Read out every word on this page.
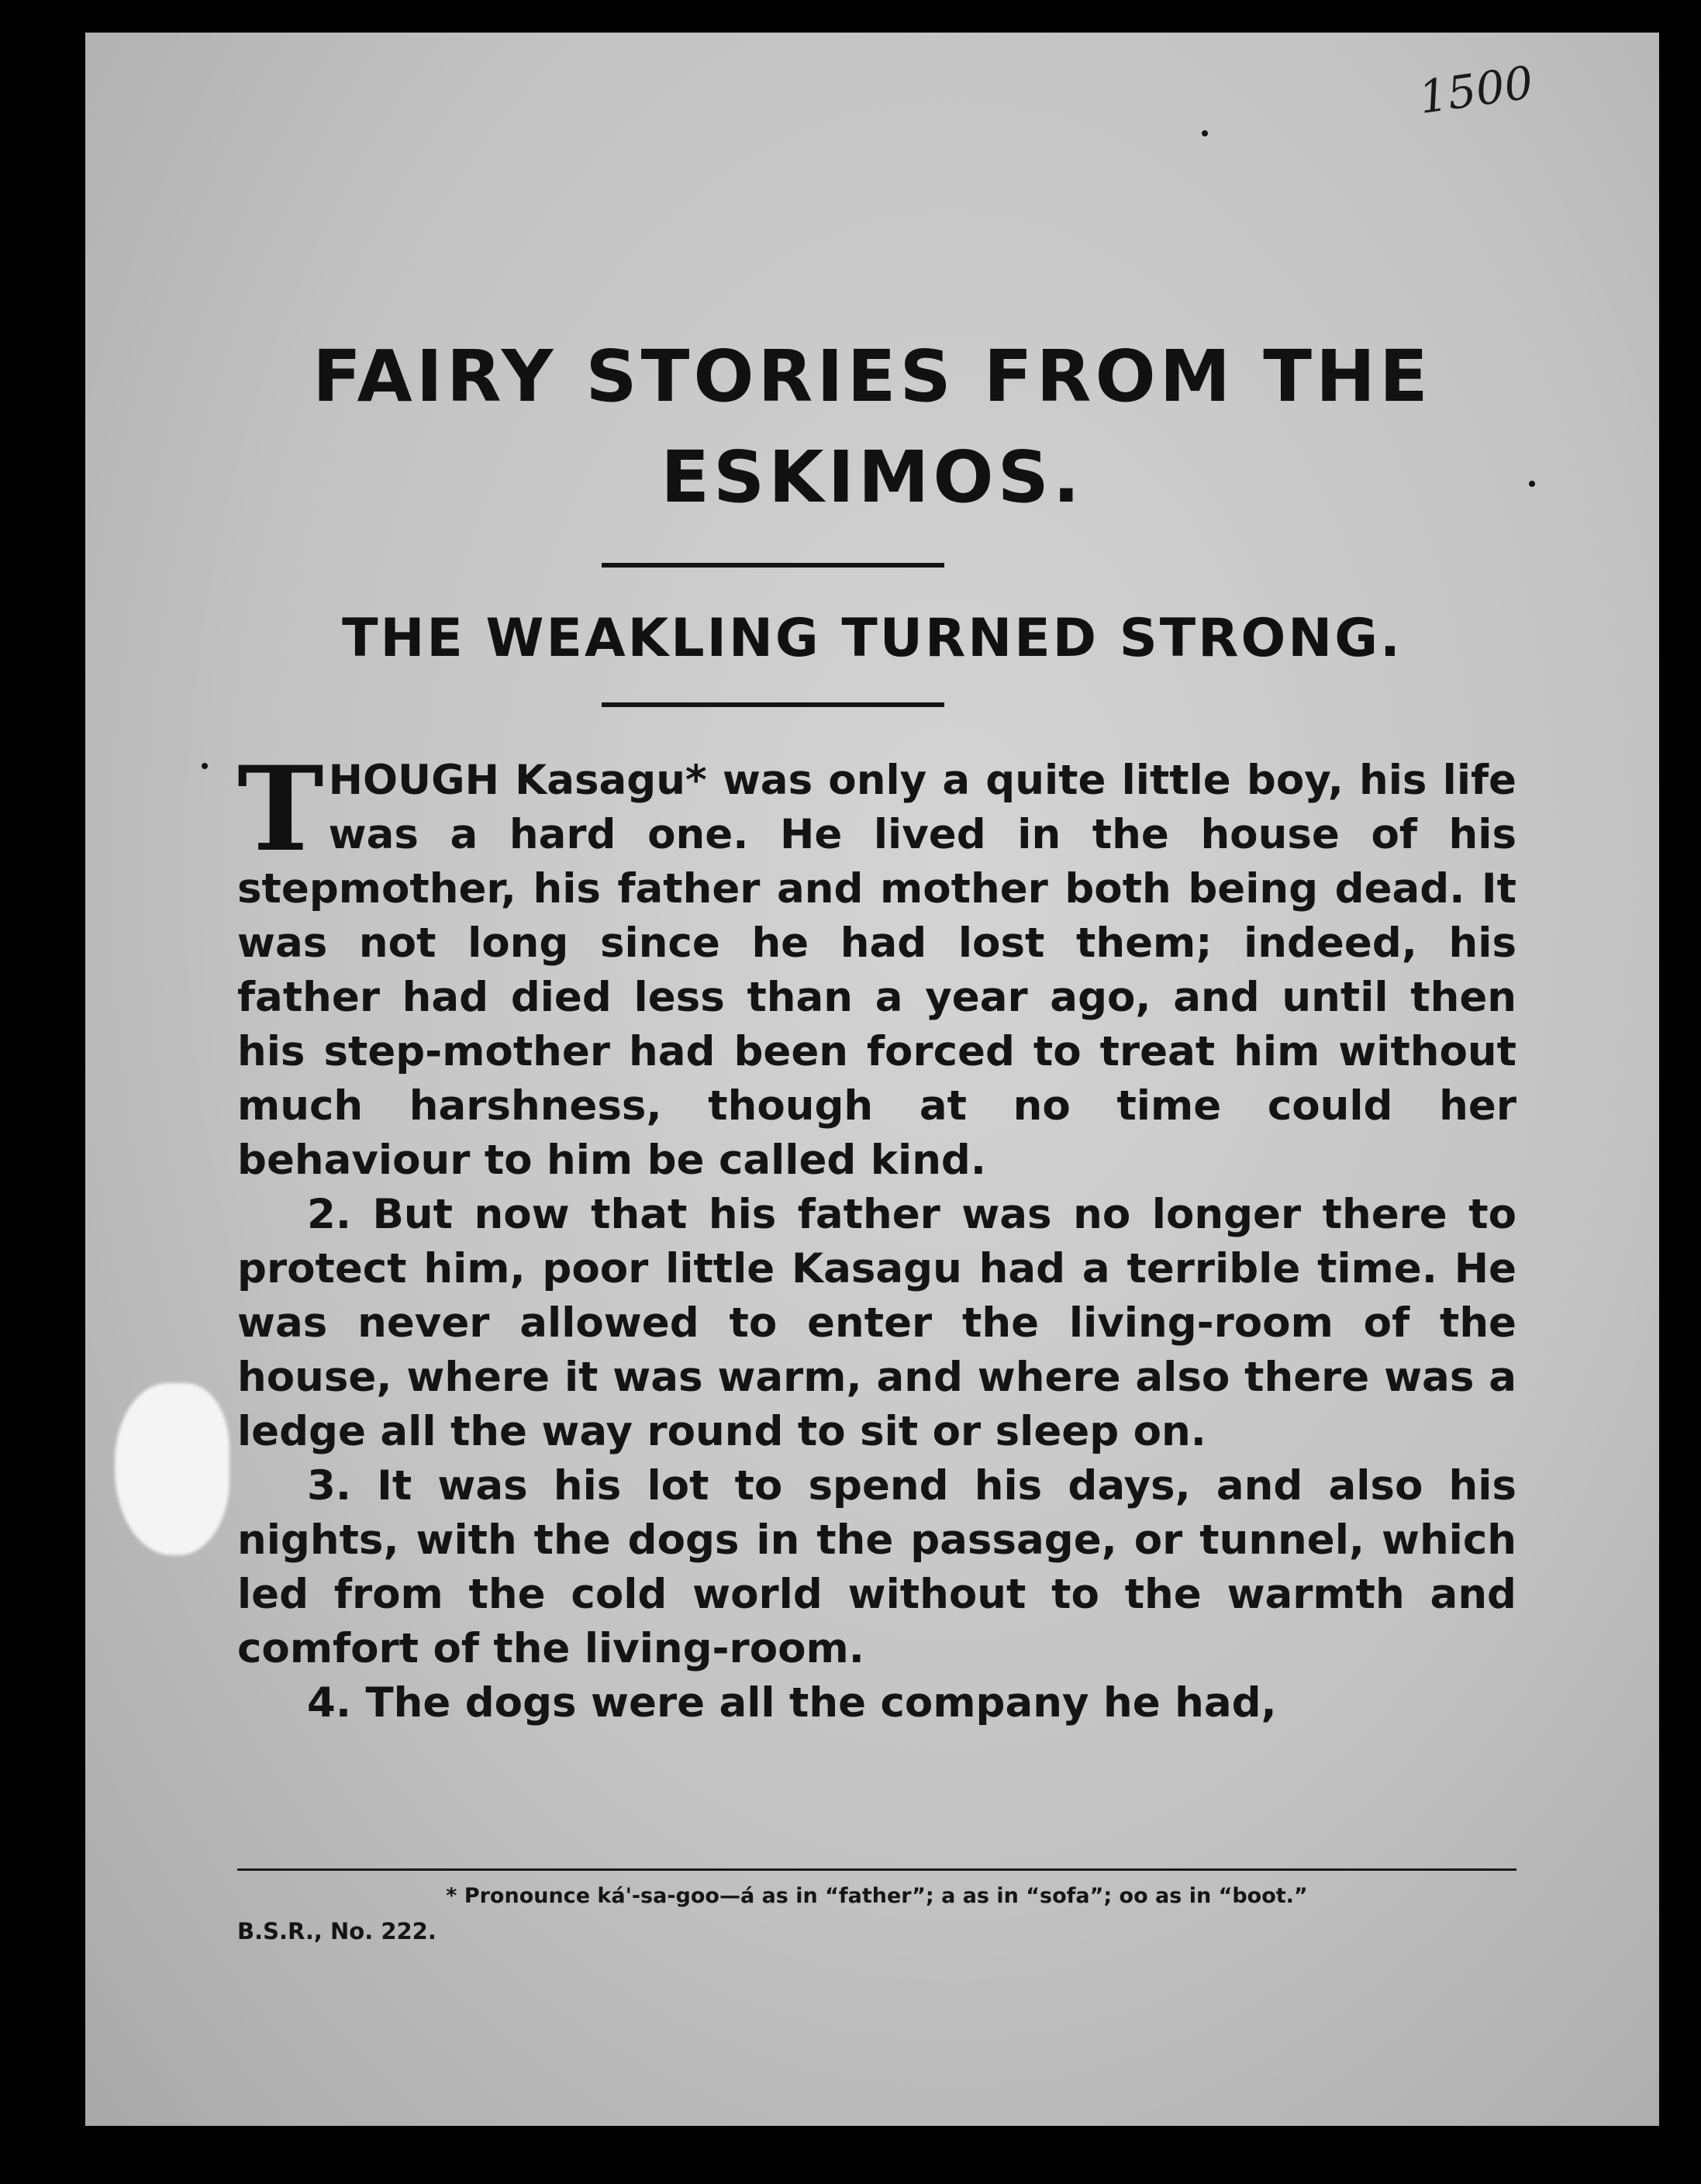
1500
FAIRY STORIES FROM THE
ESKIMOS.
THE WEAKLING TURNED STRONG.

THOUGH Kasagu* was only a quite little boy, his life was a hard one. He lived in the house of his stepmother, his father and mother both being dead. It was not long since he had lost them; indeed, his father had died less than a year ago, and until then his step-mother had been forced to treat him without much harshness, though at no time could her behaviour to him be called kind.

2. But now that his father was no longer there to protect him, poor little Kasagu had a terrible time. He was never allowed to enter the living-room of the house, where it was warm, and where also there was a ledge all the way round to sit or sleep on.

3. It was his lot to spend his days, and also his nights, with the dogs in the passage, or tunnel, which led from the cold world without to the warmth and comfort of the living-room.

4. The dogs were all the company he had,

* Pronounce ká'-sa-goo—á as in “father”; a as in “sofa”; oo as in “boot.”

B.S.R., No. 222.
